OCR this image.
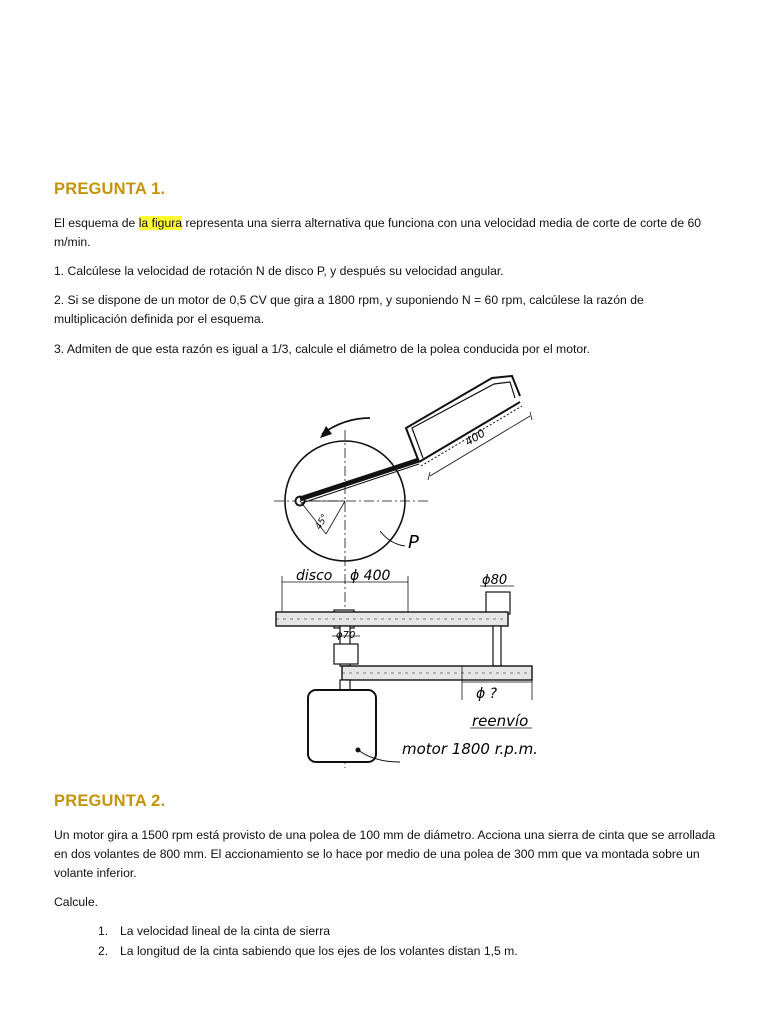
PREGUNTA 1.

El esquema de la figura representa una sierra alternativa que funciona con una velocidad media de corte de corte de 60 m/min.

1. Calcúlese la velocidad de rotación N de disco P, y después su velocidad angular.

2. Si se dispone de un motor de 0,5 CV que gira a 1800 rpm, y suponiendo N = 60 rpm, calcúlese la razón de multiplicación definida por el esquema.

3. Admiten de que esta razón es igual a 1/3, calcule el diámetro de la polea conducida por el motor.

400
45°
P
disco ϕ 400	ϕ80
ϕ70
ϕ ?
reenvío
motor 1800 r.p.m.
PREGUNTA 2.

Un motor gira a 1500 rpm está provisto de una polea de 100 mm de diámetro. Acciona una sierra de cinta que se arrollada en dos volantes de 800 mm. El accionamiento se lo hace por medio de una polea de 300 mm que va montada sobre un volante inferior.

Calcule.

1. La velocidad lineal de la cinta de sierra
2. La longitud de la cinta sabiendo que los ejes de los volantes distan 1,5 m.
